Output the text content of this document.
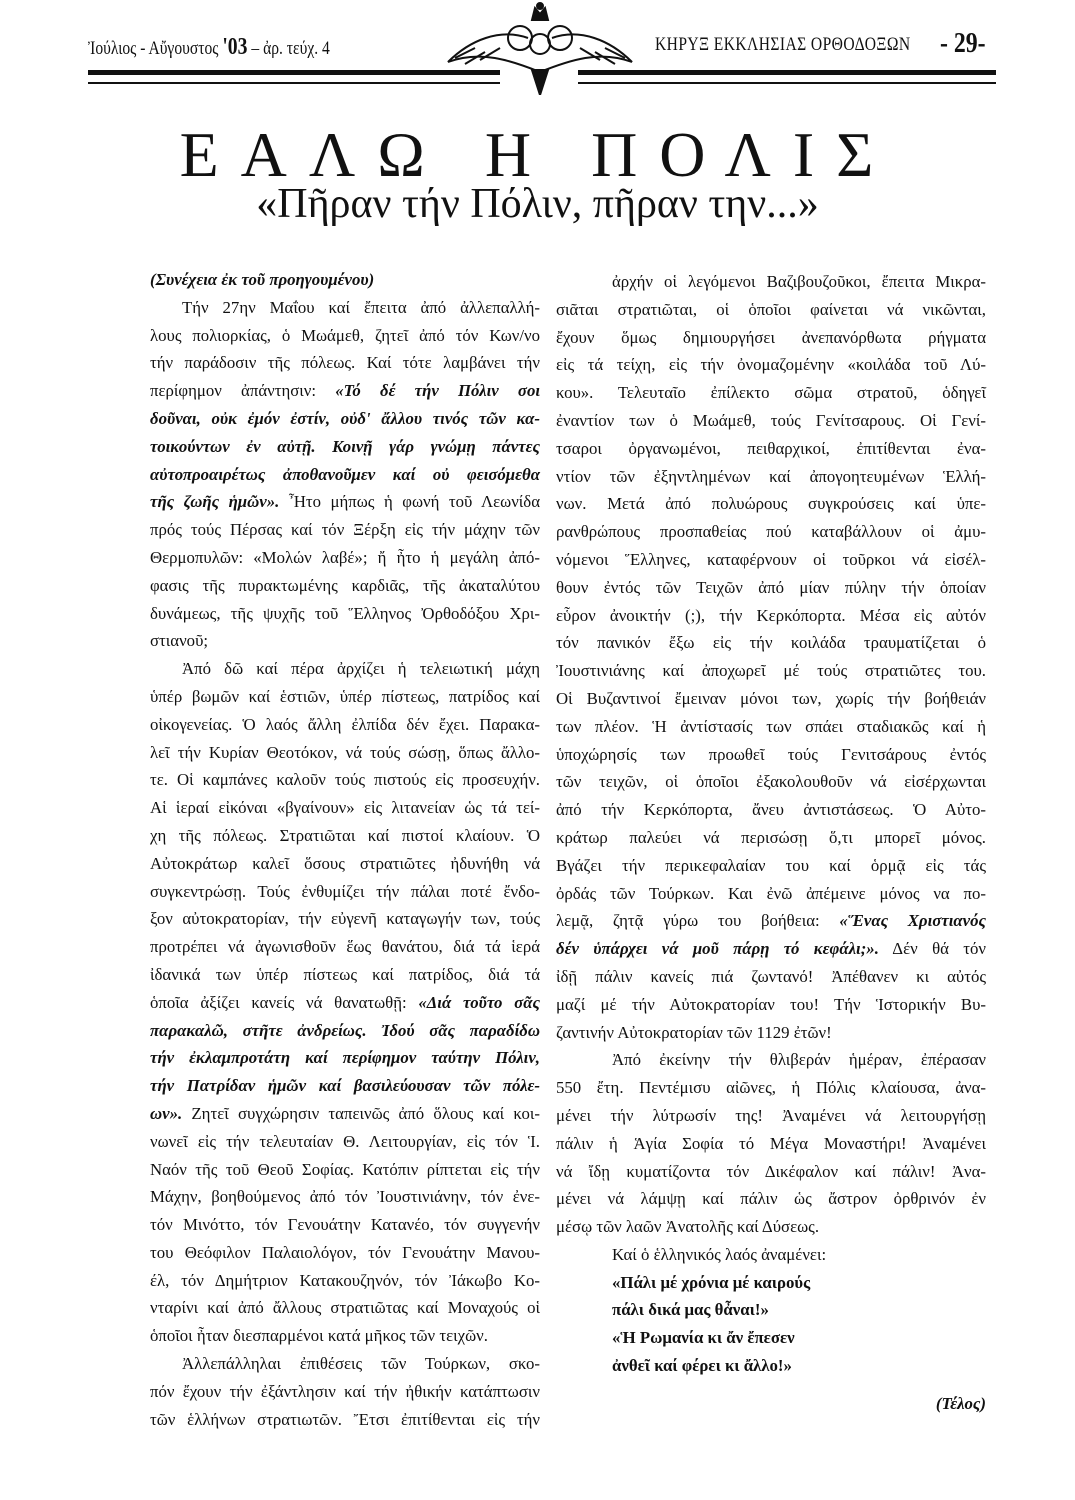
Ἰούλιος - Αὔγουστος '03 – ἀρ. τεύχ. 4	ΚΗΡΥΞ ΕΚΚΛΗΣΙΑΣ ΟΡΘΟΔΟΞΩΝ - 29-
ΕΑΛΩ Η ΠΟΛΙΣ
«Πῆραν τήν Πόλιν, πῆραν την...»
(Συνέχεια ἐκ τοῦ προηγουμένου)
Τήν 27ην Μαΐου καί ἔπειτα ἀπό ἀλλεπαλλή-
λους πολιορκίας, ὁ Μωάμεθ, ζητεῖ ἀπό τόν Κων/νο
τήν παράδοσιν τῆς πόλεως. Καί τότε λαμβάνει τήν
περίφημον ἀπάντησιν: «Τό δέ τήν Πόλιν σοι
δοῦναι, οὐκ ἐμόν ἐστίν, οὐδ' ἄλλου τινός τῶν κα-
τοικούντων ἐν αὐτῇ. Κοινῇ γάρ γνώμῃ πάντες
αὐτοπροαιρέτως ἀποθανοῦμεν καί οὐ φεισόμεθα
τῆς ζωῆς ἡμῶν». Ἦτο μήπως ἡ φωνή τοῦ Λεωνίδα
πρός τούς Πέρσας καί τόν Ξέρξη εἰς τήν μάχην τῶν
Θερμοπυλῶν: «Μολών λαβέ»; ἤ ἦτο ἡ μεγάλη ἀπό-
φασις τῆς πυρακτωμένης καρδιᾶς, τῆς ἀκαταλύτου
δυνάμεως, τῆς ψυχῆς τοῦ Ἕλληνος Ὀρθοδόξου Χρι-
στιανοῦ;
Ἀπό δῶ καί πέρα ἀρχίζει ἡ τελειωτική μάχη
ὑπέρ βωμῶν καί ἑστιῶν, ὑπέρ πίστεως, πατρίδος καί
οἰκογενείας. Ὁ λαός ἄλλη ἐλπίδα δέν ἔχει. Παρακα-
λεῖ τήν Κυρίαν Θεοτόκον, νά τούς σώσῃ, ὅπως ἄλλο-
τε. Οἱ καμπάνες καλοῦν τούς πιστούς εἰς προσευχήν.
Αἱ ἱεραί εἰκόναι «βγαίνουν» εἰς λιτανείαν ὡς τά τεί-
χη τῆς πόλεως. Στρατιῶται καί πιστοί κλαίουν. Ὁ
Αὐτοκράτωρ καλεῖ ὅσους στρατιῶτες ἠδυνήθη νά
συγκεντρώσῃ. Τούς ἐνθυμίζει τήν πάλαι ποτέ ἔνδο-
ξον αὐτοκρατορίαν, τήν εὐγενῆ καταγωγήν των, τούς
προτρέπει νά ἀγωνισθοῦν ἕως θανάτου, διά τά ἱερά
ἰδανικά των ὑπέρ πίστεως καί πατρίδος, διά τά
ὁποῖα ἀξίζει κανείς νά θανατωθῇ: «Διά τοῦτο σᾶς
παρακαλῶ, στῆτε ἀνδρείως. Ἰδού σᾶς παραδίδω
τήν ἐκλαμπροτάτη καί περίφημον ταύτην Πόλιν,
τήν Πατρίδαν ἡμῶν καί βασιλεύουσαν τῶν πόλε-
ων». Ζητεῖ συγχώρησιν ταπεινῶς ἀπό ὅλους καί κοι-
νωνεῖ εἰς τήν τελευταίαν Θ. Λειτουργίαν, εἰς τόν Ἱ.
Ναόν τῆς τοῦ Θεοῦ Σοφίας. Κατόπιν ρίπτεται εἰς τήν
Μάχην, βοηθούμενος ἀπό τόν Ἰουστινιάνην, τόν ἐνε-
τόν Μινόττο, τόν Γενουάτην Κατανέο, τόν συγγενήν
του Θεόφιλον Παλαιολόγον, τόν Γενουάτην Μανου-
έλ, τόν Δημήτριον Κατακουζηνόν, τόν Ἰάκωβο Κο-
νταρίνι καί ἀπό ἄλλους στρατιῶτας καί Μοναχούς οἱ
ὁποῖοι ἦταν διεσπαρμένοι κατά μῆκος τῶν τειχῶν.
Ἀλλεπάλληλαι ἐπιθέσεις τῶν Τούρκων, σκο-
πόν ἔχουν τήν ἐξάντλησιν καί τήν ἠθικήν κατάπτωσιν
τῶν ἑλλήνων στρατιωτῶν. Ἔτσι ἐπιτίθενται εἰς τήν
ἀρχήν οἱ λεγόμενοι Βαζιβουζοῦκοι, ἔπειτα Μικρα-
σιᾶται στρατιῶται, οἱ ὁποῖοι φαίνεται νά νικῶνται,
ἔχουν ὅμως δημιουργήσει ἀνεπανόρθωτα ρήγματα
εἰς τά τείχη, εἰς τήν ὀνομαζομένην «κοιλάδα τοῦ Λύ-
κου». Τελευταῖο ἐπίλεκτο σῶμα στρατοῦ, ὁδηγεῖ
ἐναντίον των ὁ Μωάμεθ, τούς Γενίτσαρους. Οἱ Γενί-
τσαροι ὀργανωμένοι, πειθαρχικοί, ἐπιτίθενται ἐνα-
ντίον τῶν ἐξηντλημένων καί ἀπογοητευμένων Ἑλλή-
νων. Μετά ἀπό πολυώρους συγκρούσεις καί ὑπε-
ρανθρώπους προσπαθείας πού καταβάλλουν οἱ ἀμυ-
νόμενοι Ἕλληνες, καταφέρνουν οἱ τοῦρκοι νά εἰσέλ-
θουν ἐντός τῶν Τειχῶν ἀπό μίαν πύλην τήν ὁποίαν
εὗρον ἀνοικτήν (;), τήν Κερκόπορτα. Μέσα εἰς αὐτόν
τόν πανικόν ἔξω εἰς τήν κοιλάδα τραυματίζεται ὁ
Ἰουστινιάνης καί ἀποχωρεῖ μέ τούς στρατιῶτες του.
Οἱ Βυζαντινοί ἔμειναν μόνοι των, χωρίς τήν βοήθειάν
των πλέον. Ἡ ἀντίστασίς των σπάει σταδιακῶς καί ἡ
ὑποχώρησίς των προωθεῖ τούς Γενιτσάρους ἐντός
τῶν τειχῶν, οἱ ὁποῖοι ἐξακολουθοῦν νά εἰσέρχωνται
ἀπό τήν Κερκόπορτα, ἄνευ ἀντιστάσεως. Ὁ Αὐτο-
κράτωρ παλεύει νά περισώσῃ ὅ,τι μπορεῖ μόνος.
Βγάζει τήν περικεφαλαίαν του καί ὁρμᾷ εἰς τάς
ὀρδάς τῶν Τούρκων. Και ἐνῶ ἀπέμεινε μόνος να πο-
λεμᾷ, ζητᾷ γύρω του βοήθεια: «Ἕνας Χριστιανός
δέν ὑπάρχει νά μοῦ πάρῃ τό κεφάλι;». Δέν θά τόν
ἰδῇ πάλιν κανείς πιά ζωντανό! Ἀπέθανεν κι αὐτός
μαζί μέ τήν Αὐτοκρατορίαν του! Τήν Ἱστορικήν Βυ-
ζαντινήν Αὐτοκρατορίαν τῶν 1129 ἐτῶν!
Ἀπό ἐκείνην τήν θλιβεράν ἡμέραν, ἐπέρασαν
550 ἔτη. Πεντέμισυ αἰῶνες, ἡ Πόλις κλαίουσα, ἀνα-
μένει τήν λύτρωσίν της! Ἀναμένει νά λειτουργήσῃ
πάλιν ἡ Ἁγία Σοφία τό Μέγα Μοναστήρι! Ἀναμένει
νά ἴδῃ κυματίζοντα τόν Δικέφαλον καί πάλιν! Ἀνα-
μένει νά λάμψῃ καί πάλιν ὡς ἄστρον ὀρθρινόν ἐν
μέσῳ τῶν λαῶν Ἀνατολῆς καί Δύσεως.
Καί ὁ ἑλληνικός λαός ἀναμένει:
«Πάλι μέ χρόνια μέ καιρούς
πάλι δικά μας θἆναι!»
«Ἡ Ρωμανία κι ἄν ἔπεσεν
ἀνθεῖ καί φέρει κι ἄλλο!»
(Τέλος)
